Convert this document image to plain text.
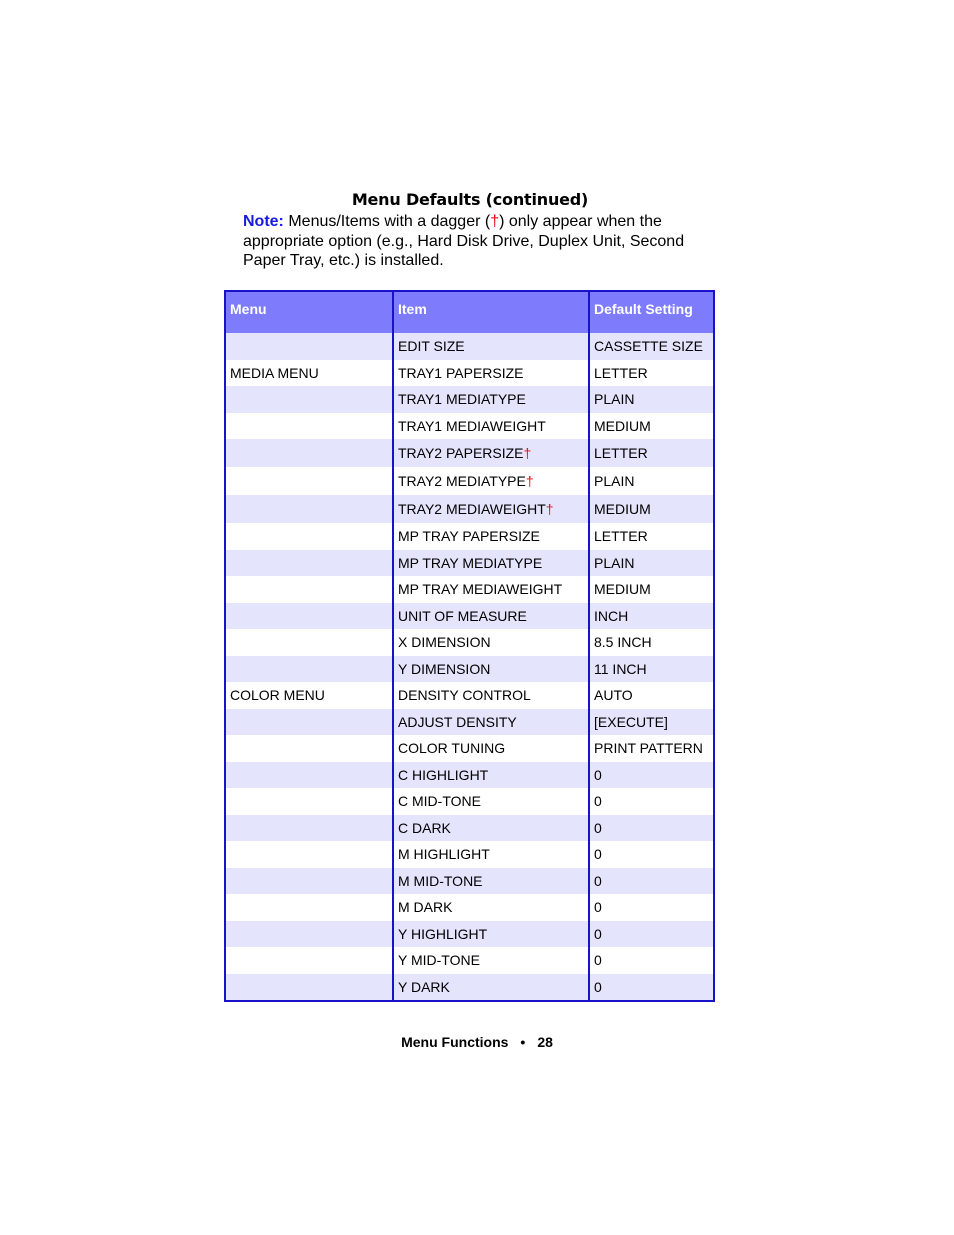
Menu Defaults (continued)
Note: Menus/Items with a dagger (†) only appear when the appropriate option (e.g., Hard Disk Drive, Duplex Unit, Second Paper Tray, etc.) is installed.
Menu	Item	Default Setting
	EDIT SIZE	CASSETTE SIZE
MEDIA MENU	TRAY1 PAPERSIZE	LETTER
	TRAY1 MEDIATYPE	PLAIN
	TRAY1 MEDIAWEIGHT	MEDIUM
	TRAY2 PAPERSIZE†	LETTER
	TRAY2 MEDIATYPE†	PLAIN
	TRAY2 MEDIAWEIGHT†	MEDIUM
	MP TRAY PAPERSIZE	LETTER
	MP TRAY MEDIATYPE	PLAIN
	MP TRAY MEDIAWEIGHT	MEDIUM
	UNIT OF MEASURE	INCH
	X DIMENSION	8.5 INCH
	Y DIMENSION	11 INCH
COLOR MENU	DENSITY CONTROL	AUTO
	ADJUST DENSITY	[EXECUTE]
	COLOR TUNING	PRINT PATTERN
	C HIGHLIGHT	0
	C MID-TONE	0
	C DARK	0
	M HIGHLIGHT	0
	M MID-TONE	0
	M DARK	0
	Y HIGHLIGHT	0
	Y MID-TONE	0
	Y DARK	0
Menu Functions • 28
